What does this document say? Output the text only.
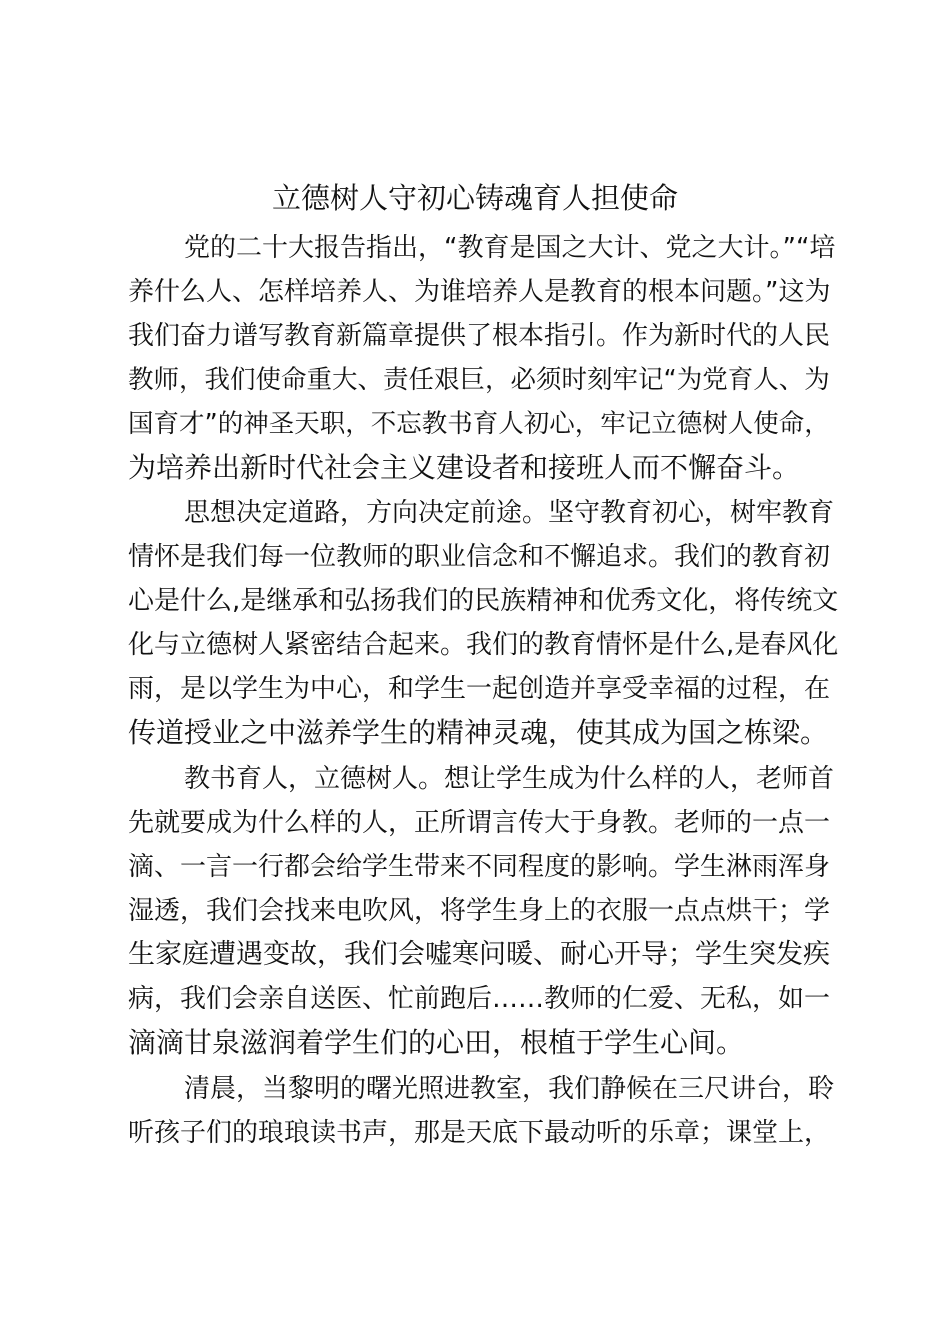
立德树人守初心铸魂育人担使命
党的二十大报告指出，“教育是国之大计、党之大计。”“培
养什么人、怎样培养人、为谁培养人是教育的根本问题。”这为
我们奋力谱写教育新篇章提供了根本指引。作为新时代的人民
教师，我们使命重大、责任艰巨，必须时刻牢记“为党育人、为
国育才”的神圣天职，不忘教书育人初心，牢记立德树人使命，
为培养出新时代社会主义建设者和接班人而不懈奋斗。
思想决定道路，方向决定前途。坚守教育初心，树牢教育
情怀是我们每一位教师的职业信念和不懈追求。我们的教育初
心是什么,是继承和弘扬我们的民族精神和优秀文化，将传统文
化与立德树人紧密结合起来。我们的教育情怀是什么,是春风化
雨，是以学生为中心，和学生一起创造并享受幸福的过程，在
传道授业之中滋养学生的精神灵魂，使其成为国之栋梁。
教书育人，立德树人。想让学生成为什么样的人，老师首
先就要成为什么样的人，正所谓言传大于身教。老师的一点一
滴、一言一行都会给学生带来不同程度的影响。学生淋雨浑身
湿透，我们会找来电吹风，将学生身上的衣服一点点烘干；学
生家庭遭遇变故，我们会嘘寒问暖、耐心开导；学生突发疾
病，我们会亲自送医、忙前跑后……教师的仁爱、无私，如一
滴滴甘泉滋润着学生们的心田，根植于学生心间。
清晨，当黎明的曙光照进教室，我们静候在三尺讲台，聆
听孩子们的琅琅读书声，那是天底下最动听的乐章；课堂上，
